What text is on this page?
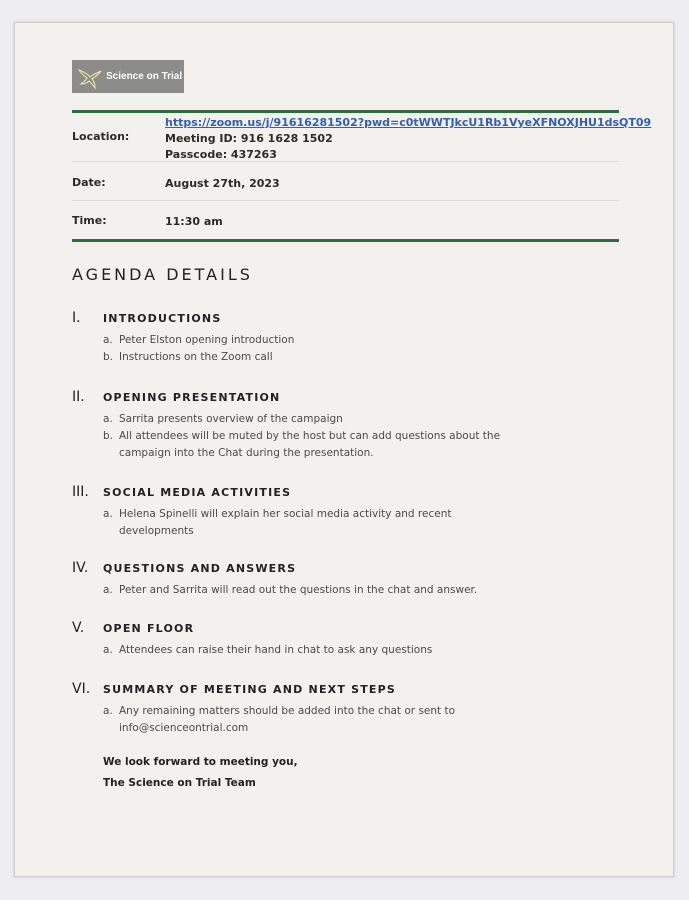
Science on Trial
Location:
https://zoom.us/j/91616281502?pwd=c0tWWTJkcU1Rb1VyeXFNOXJHU1dsQT09
Meeting ID: 916 1628 1502
Passcode: 437263
Date:	August 27th, 2023
Time:	11:30 am
AGENDA DETAILS
I. INTRODUCTIONS
a. Peter Elston opening introduction
b. Instructions on the Zoom call
II. OPENING PRESENTATION
a. Sarrita presents overview of the campaign
b. All attendees will be muted by the host but can add questions about the
campaign into the Chat during the presentation.
III. SOCIAL MEDIA ACTIVITIES
a. Helena Spinelli will explain her social media activity and recent
developments
IV. QUESTIONS AND ANSWERS
a. Peter and Sarrita will read out the questions in the chat and answer.
V. OPEN FLOOR
a. Attendees can raise their hand in chat to ask any questions
VI. SUMMARY OF MEETING AND NEXT STEPS
a. Any remaining matters should be added into the chat or sent to
info@scienceontrial.com
We look forward to meeting you,
The Science on Trial Team
